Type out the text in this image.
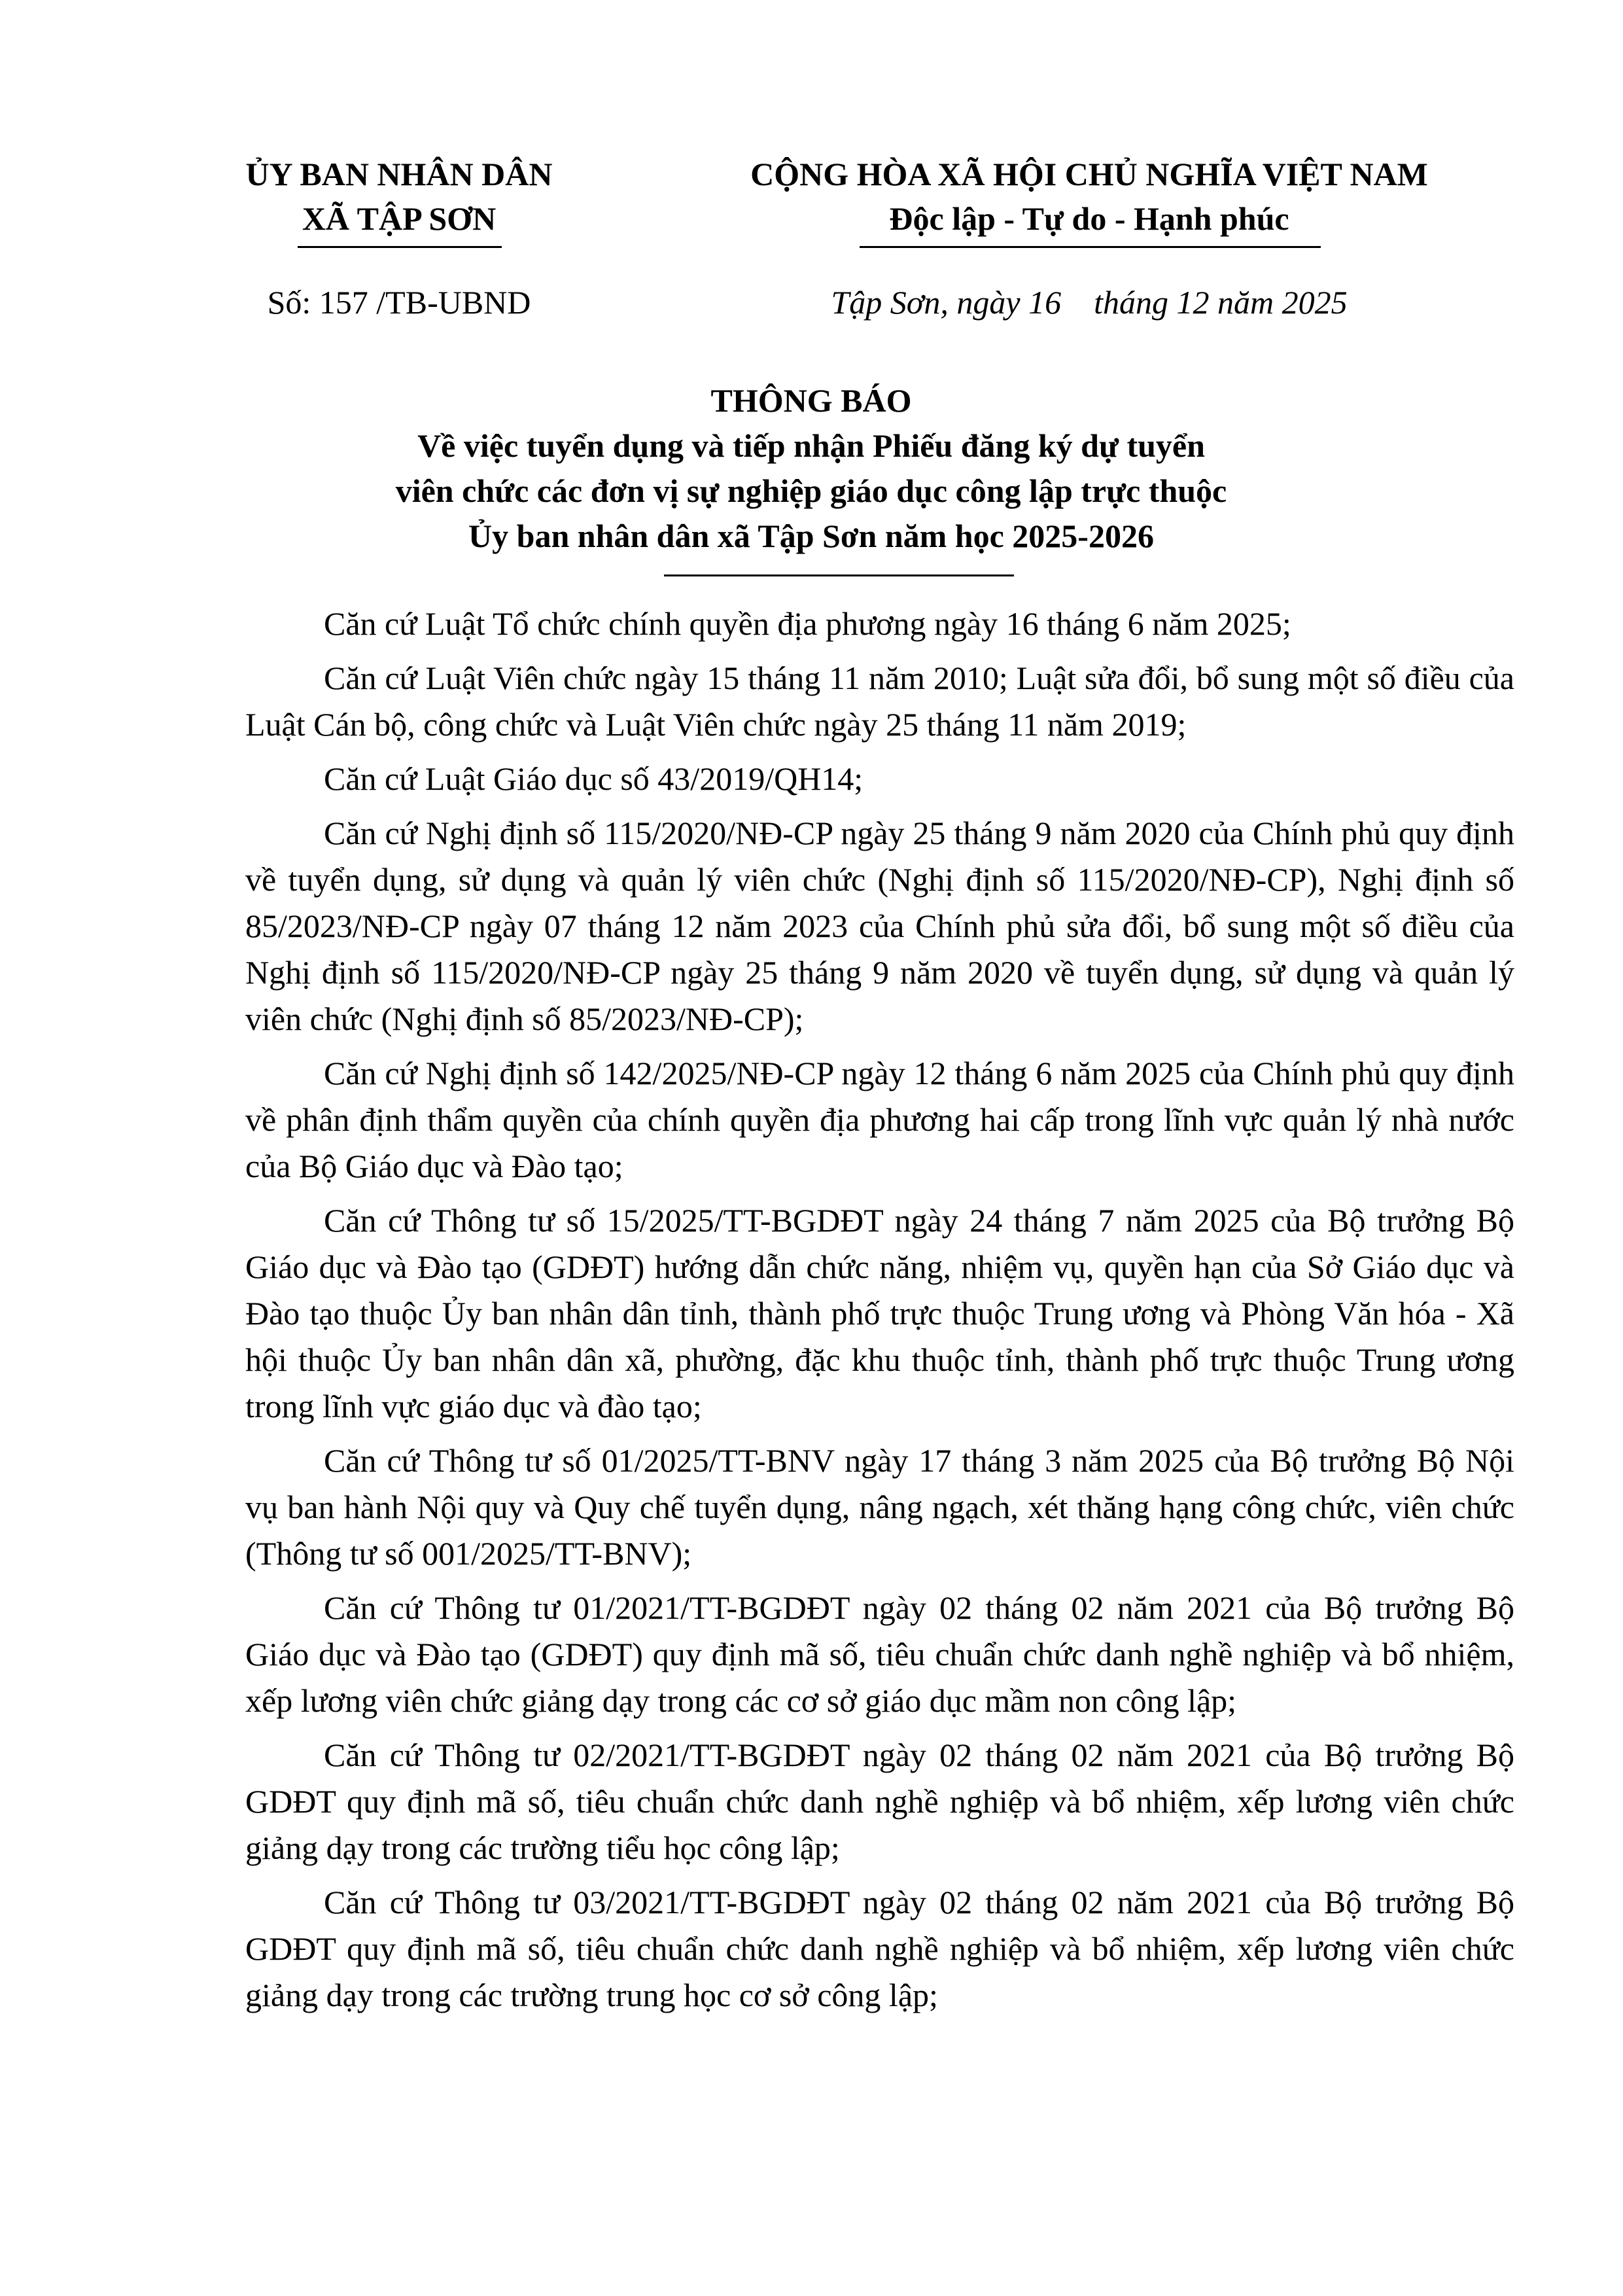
ỦY BAN NHÂN DÂN
XÃ TẬP SƠN
CỘNG HÒA XÃ HỘI CHỦ NGHĨA VIỆT NAM
Độc lập - Tự do - Hạnh phúc
Số: 157 /TB-UBND	Tập Sơn, ngày 16    tháng 12 năm 2025
THÔNG BÁO
Về việc tuyển dụng và tiếp nhận Phiếu đăng ký dự tuyển
viên chức các đơn vị sự nghiệp giáo dục công lập trực thuộc
Ủy ban nhân dân xã Tập Sơn năm học 2025-2026

Căn cứ Luật Tổ chức chính quyền địa phương ngày 16 tháng 6 năm 2025;

Căn cứ Luật Viên chức ngày 15 tháng 11 năm 2010; Luật sửa đổi, bổ sung một số điều của Luật Cán bộ, công chức và Luật Viên chức ngày 25 tháng 11 năm 2019;

Căn cứ Luật Giáo dục số 43/2019/QH14;

Căn cứ Nghị định số 115/2020/NĐ-CP ngày 25 tháng 9 năm 2020 của Chính phủ quy định về tuyển dụng, sử dụng và quản lý viên chức (Nghị định số 115/2020/NĐ-CP), Nghị định số 85/2023/NĐ-CP ngày 07 tháng 12 năm 2023 của Chính phủ sửa đổi, bổ sung một số điều của Nghị định số 115/2020/NĐ-CP ngày 25 tháng 9 năm 2020 về tuyển dụng, sử dụng và quản lý viên chức (Nghị định số 85/2023/NĐ-CP);

Căn cứ Nghị định số 142/2025/NĐ-CP ngày 12 tháng 6 năm 2025 của Chính phủ quy định về phân định thẩm quyền của chính quyền địa phương hai cấp trong lĩnh vực quản lý nhà nước của Bộ Giáo dục và Đào tạo;

Căn cứ Thông tư số 15/2025/TT-BGDĐT ngày 24 tháng 7 năm 2025 của Bộ trưởng Bộ Giáo dục và Đào tạo (GDĐT) hướng dẫn chức năng, nhiệm vụ, quyền hạn của Sở Giáo dục và Đào tạo thuộc Ủy ban nhân dân tỉnh, thành phố trực thuộc Trung ương và Phòng Văn hóa - Xã hội thuộc Ủy ban nhân dân xã, phường, đặc khu thuộc tỉnh, thành phố trực thuộc Trung ương trong lĩnh vực giáo dục và đào tạo;

Căn cứ Thông tư số 01/2025/TT-BNV ngày 17 tháng 3 năm 2025 của Bộ trưởng Bộ Nội vụ ban hành Nội quy và Quy chế tuyển dụng, nâng ngạch, xét thăng hạng công chức, viên chức (Thông tư số 001/2025/TT-BNV);

Căn cứ Thông tư 01/2021/TT-BGDĐT ngày 02 tháng 02 năm 2021 của Bộ trưởng Bộ Giáo dục và Đào tạo (GDĐT) quy định mã số, tiêu chuẩn chức danh nghề nghiệp và bổ nhiệm, xếp lương viên chức giảng dạy trong các cơ sở giáo dục mầm non công lập;

Căn cứ Thông tư 02/2021/TT-BGDĐT ngày 02 tháng 02 năm 2021 của Bộ trưởng Bộ GDĐT quy định mã số, tiêu chuẩn chức danh nghề nghiệp và bổ nhiệm, xếp lương viên chức giảng dạy trong các trường tiểu học công lập;

Căn cứ Thông tư 03/2021/TT-BGDĐT ngày 02 tháng 02 năm 2021 của Bộ trưởng Bộ GDĐT quy định mã số, tiêu chuẩn chức danh nghề nghiệp và bổ nhiệm, xếp lương viên chức giảng dạy trong các trường trung học cơ sở công lập;
